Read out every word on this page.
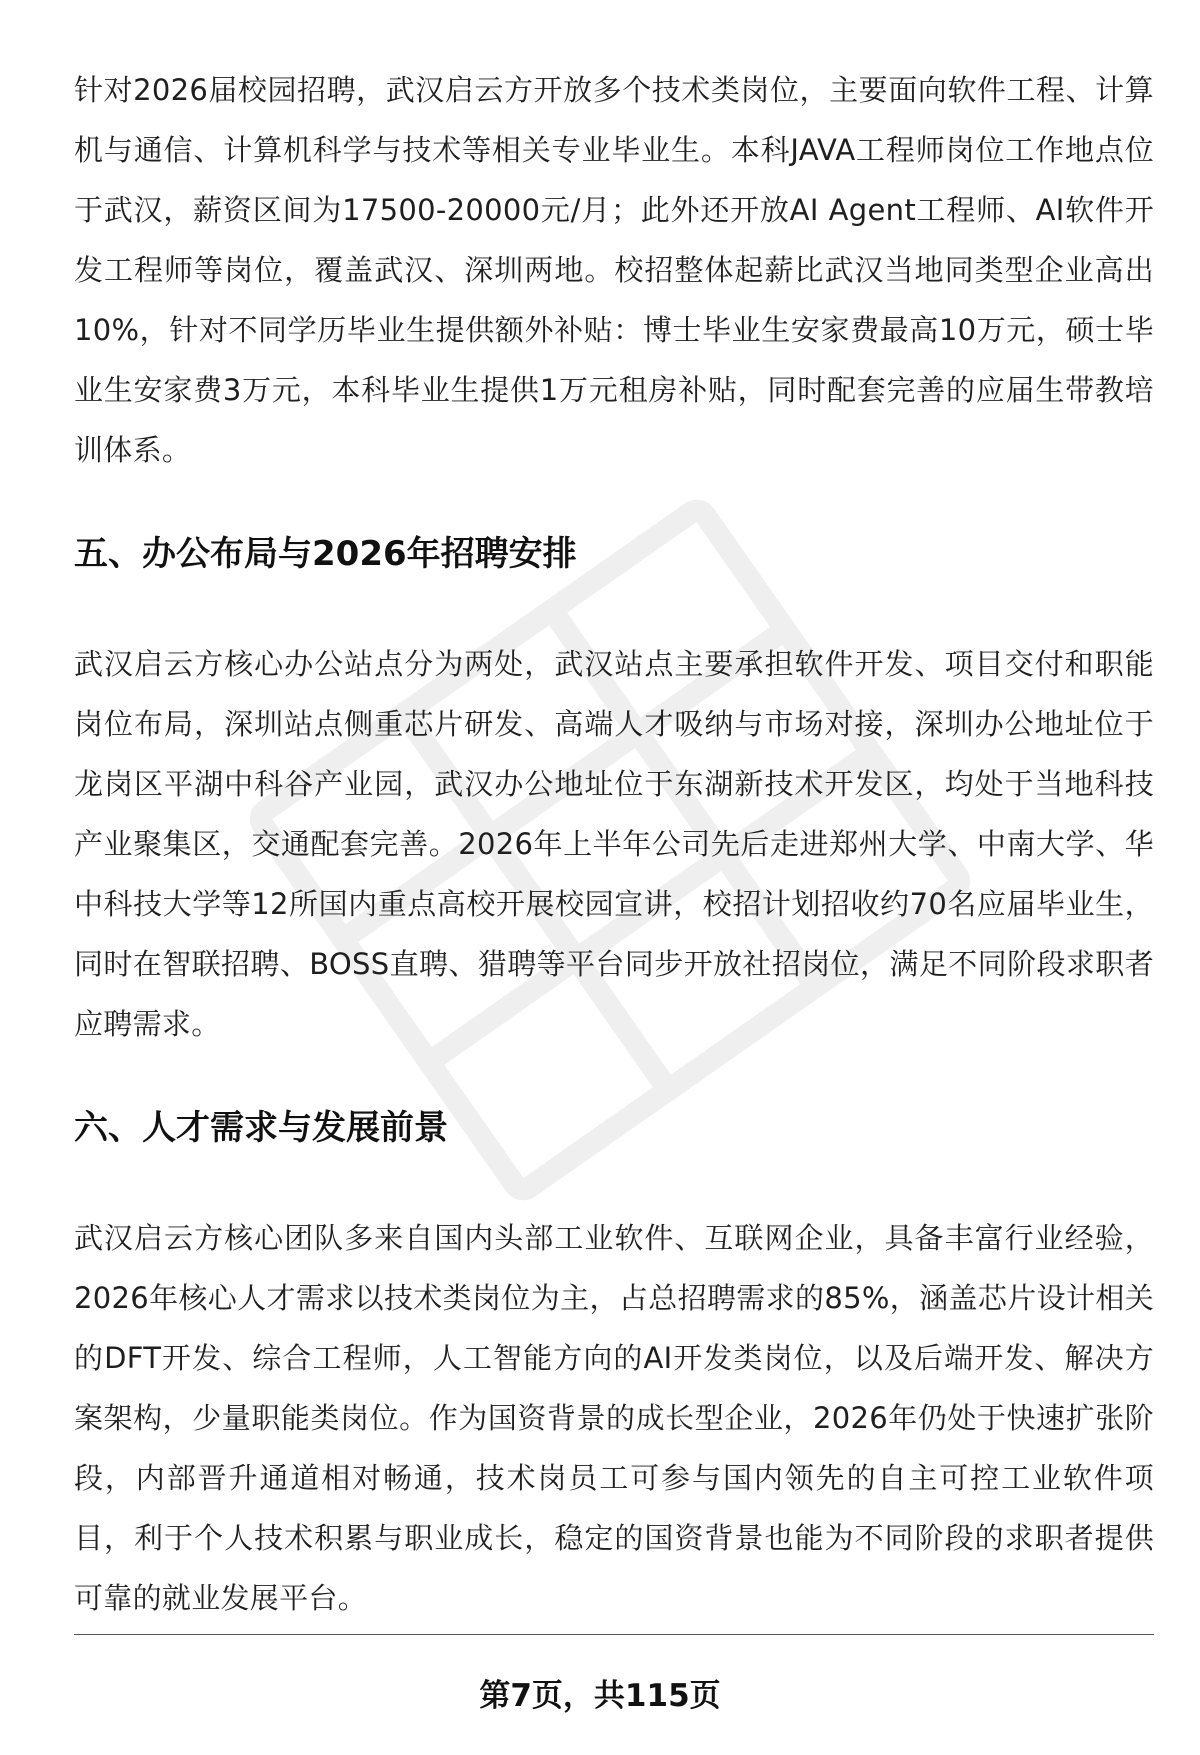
针对2026届校园招聘，武汉启云方开放多个技术类岗位，主要面向软件工程、计算机与通信、计算机科学与技术等相关专业毕业生。本科JAVA工程师岗位工作地点位于武汉，薪资区间为17500-20000元/月；此外还开放AI Agent工程师、AI软件开发工程师等岗位，覆盖武汉、深圳两地。校招整体起薪比武汉当地同类型企业高出10%，针对不同学历毕业生提供额外补贴：博士毕业生安家费最高10万元，硕士毕业生安家费3万元，本科毕业生提供1万元租房补贴，同时配套完善的应届生带教培训体系。

五、办公布局与2026年招聘安排

武汉启云方核心办公站点分为两处，武汉站点主要承担软件开发、项目交付和职能岗位布局，深圳站点侧重芯片研发、高端人才吸纳与市场对接，深圳办公地址位于龙岗区平湖中科谷产业园，武汉办公地址位于东湖新技术开发区，均处于当地科技产业聚集区，交通配套完善。2026年上半年公司先后走进郑州大学、中南大学、华中科技大学等12所国内重点高校开展校园宣讲，校招计划招收约70名应届毕业生，同时在智联招聘、BOSS直聘、猎聘等平台同步开放社招岗位，满足不同阶段求职者应聘需求。

六、人才需求与发展前景

武汉启云方核心团队多来自国内头部工业软件、互联网企业，具备丰富行业经验，2026年核心人才需求以技术类岗位为主，占总招聘需求的85%，涵盖芯片设计相关的DFT开发、综合工程师，人工智能方向的AI开发类岗位，以及后端开发、解决方案架构，少量职能类岗位。作为国资背景的成长型企业，2026年仍处于快速扩张阶段，内部晋升通道相对畅通，技术岗员工可参与国内领先的自主可控工业软件项目，利于个人技术积累与职业成长，稳定的国资背景也能为不同阶段的求职者提供可靠的就业发展平台。

第7页，共115页
